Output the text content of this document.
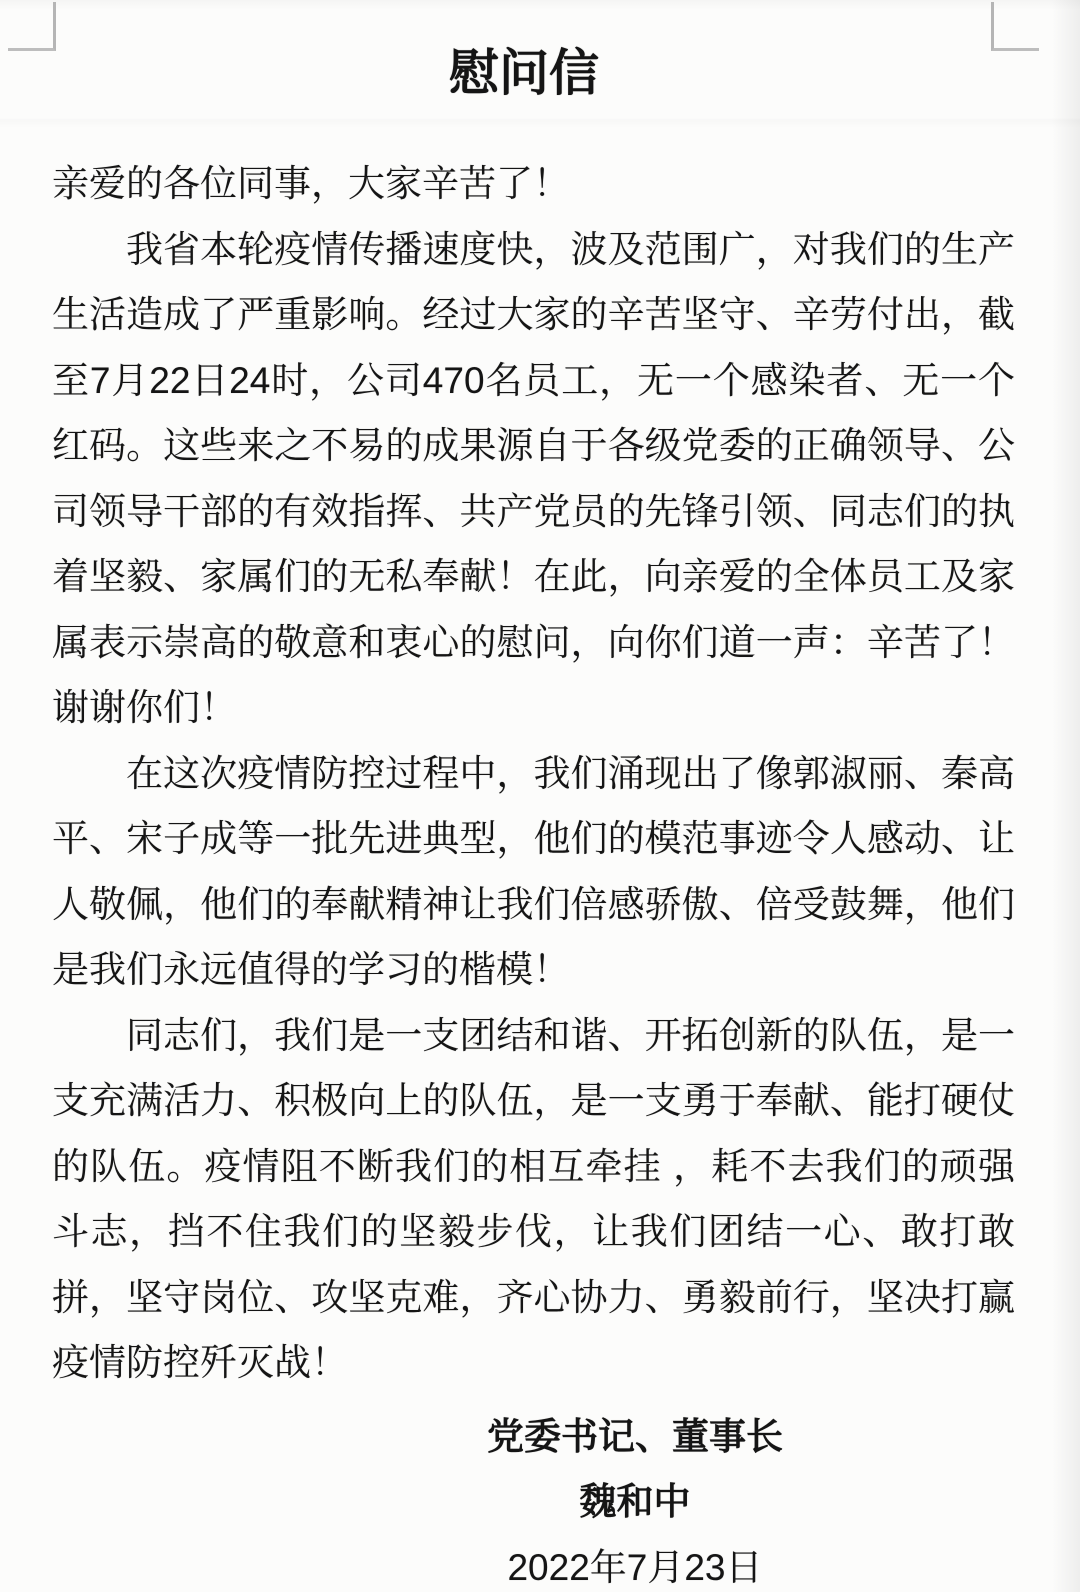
慰问信

亲爱的各位同事，大家辛苦了！

我省本轮疫情传播速度快，波及范围广，对我们的生产生活造成了严重影响。经过大家的辛苦坚守、辛劳付出，截至7月22日24时，公司470名员工，无一个感染者、无一个红码。这些来之不易的成果源自于各级党委的正确领导、公司领导干部的有效指挥、共产党员的先锋引领、同志们的执着坚毅、家属们的无私奉献！在此，向亲爱的全体员工及家属表示崇高的敬意和衷心的慰问，向你们道一声：辛苦了！谢谢你们！

在这次疫情防控过程中，我们涌现出了像郭淑丽、秦高平、宋子成等一批先进典型，他们的模范事迹令人感动、让人敬佩，他们的奉献精神让我们倍感骄傲、倍受鼓舞，他们是我们永远值得的学习的楷模！

同志们，我们是一支团结和谐、开拓创新的队伍，是一支充满活力、积极向上的队伍，是一支勇于奉献、能打硬仗的队伍。疫情阻不断我们的相互牵挂 ，耗不去我们的顽强斗志，挡不住我们的坚毅步伐，让我们团结一心、敢打敢拼，坚守岗位、攻坚克难，齐心协力、勇毅前行，坚决打赢疫情防控歼灭战！

党委书记、董事长
魏和中
2022年7月23日
